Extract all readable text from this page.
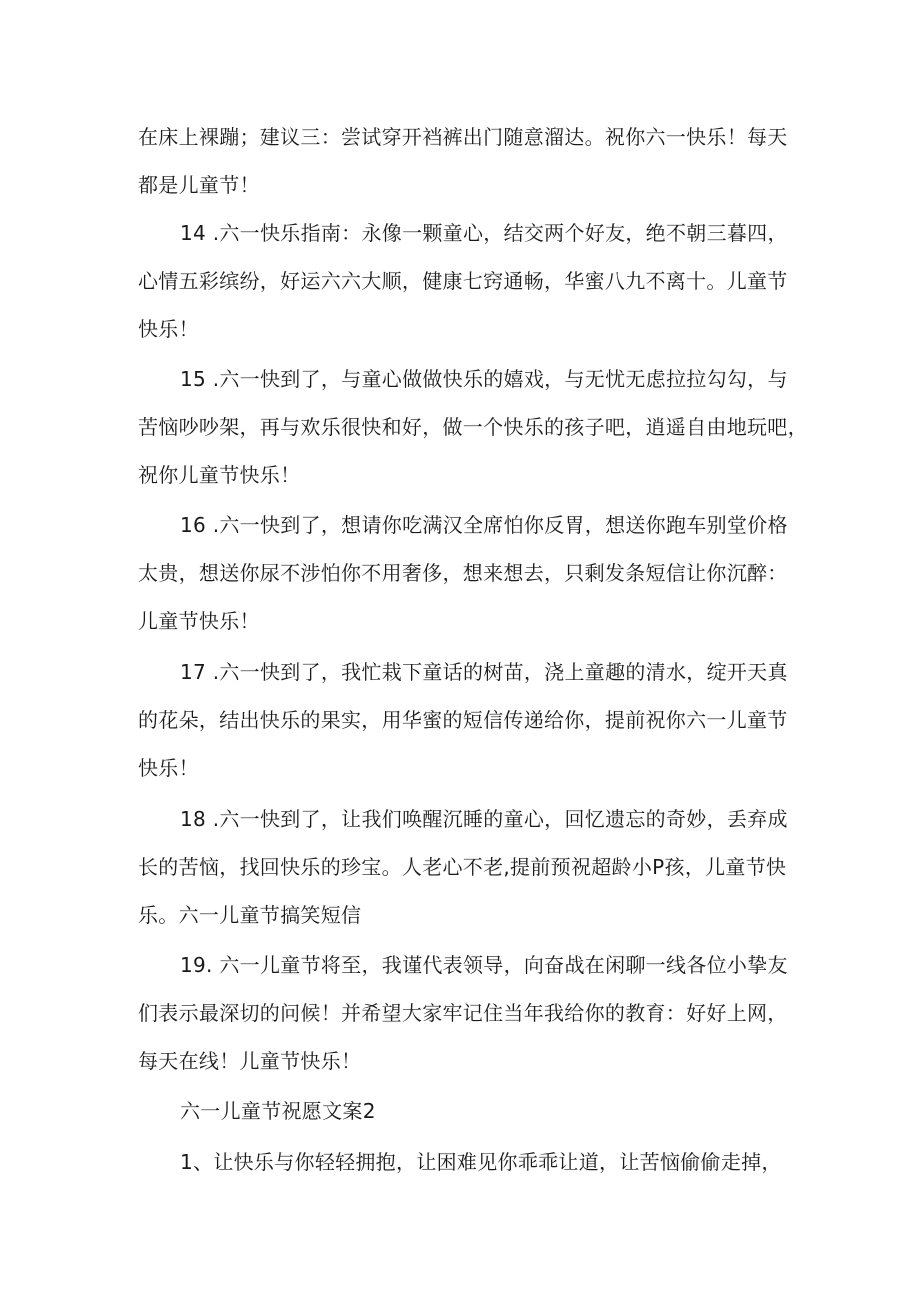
在床上裸蹦；建议三：尝试穿开裆裤出门随意溜达。祝你六一快乐！每天
都是儿童节！
14 .六一快乐指南：永像一颗童心，结交两个好友，绝不朝三暮四，
心情五彩缤纷，好运六六大顺，健康七窍通畅，华蜜八九不离十。儿童节
快乐！
15 .六一快到了，与童心做做快乐的嬉戏，与无忧无虑拉拉勾勾，与
苦恼吵吵架，再与欢乐很快和好，做一个快乐的孩子吧，逍遥自由地玩吧，
祝你儿童节快乐！
16 .六一快到了，想请你吃满汉全席怕你反胃，想送你跑车别堂价格
太贵，想送你尿不涉怕你不用奢侈，想来想去，只剩发条短信让你沉醉：
儿童节快乐！
17 .六一快到了，我忙栽下童话的树苗，浇上童趣的清水，绽开天真
的花朵，结出快乐的果实，用华蜜的短信传递给你，提前祝你六一儿童节
快乐！
18 .六一快到了，让我们唤醒沉睡的童心，回忆遗忘的奇妙，丢弃成
长的苦恼，找回快乐的珍宝。人老心不老,提前预祝超龄小P孩，儿童节快
乐。六一儿童节搞笑短信
19. 六一儿童节将至，我谨代表领导，向奋战在闲聊一线各位小挚友
们表示最深切的问候！并希望大家牢记住当年我给你的教育：好好上网，
每天在线！儿童节快乐！
六一儿童节祝愿文案2
1、让快乐与你轻轻拥抱，让困难见你乖乖让道，让苦恼偷偷走掉，
